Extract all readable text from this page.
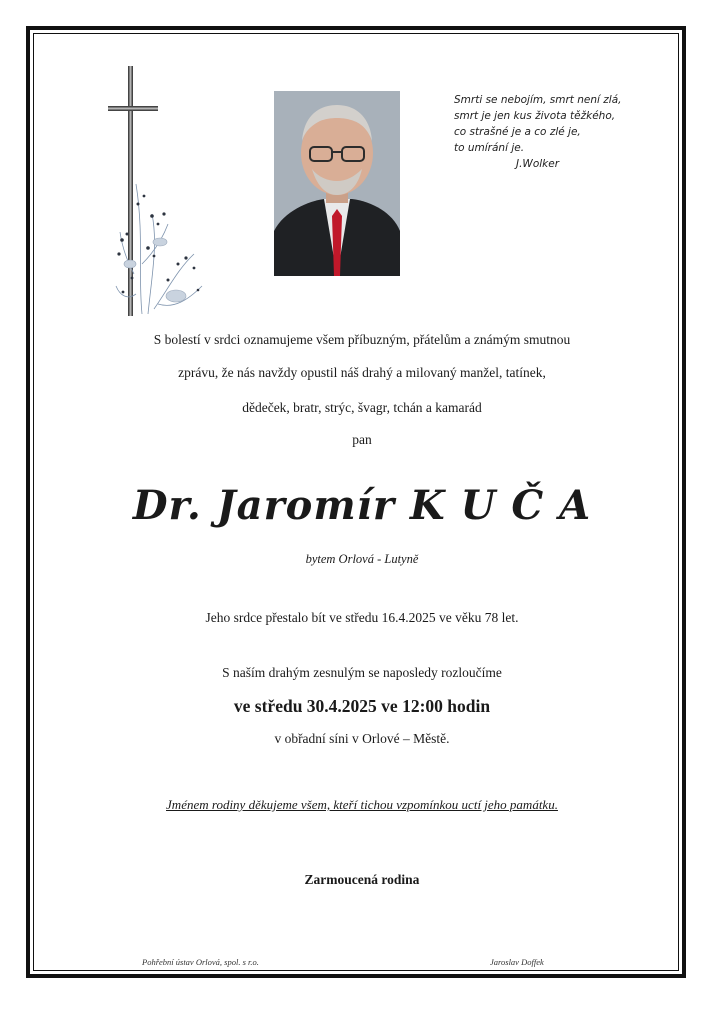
Smrti se nebojím, smrt není zlá,
smrt je jen kus života těžkého,
co strašné je a co zlé je,
to umírání je.
J.Wolker
S bolestí v srdci oznamujeme všem příbuzným, přátelům a známým smutnou
zprávu, že nás navždy opustil náš drahý a milovaný manžel, tatínek,
dědeček, bratr, strýc, švagr, tchán a kamarád
pan
Dr. Jaromír K U Č A
bytem Orlová - Lutyně
Jeho srdce přestalo bít ve středu 16.4.2025 ve věku 78 let.
S naším drahým zesnulým se naposledy rozloučíme
ve středu 30.4.2025 ve 12:00 hodin
v obřadní síni v Orlové – Městě.
Jménem rodiny děkujeme všem, kteří tichou vzpomínkou uctí jeho památku.
Zarmoucená rodina
Pohřební ústav Orlová, spol. s r.o.	Jaroslav Doffek
